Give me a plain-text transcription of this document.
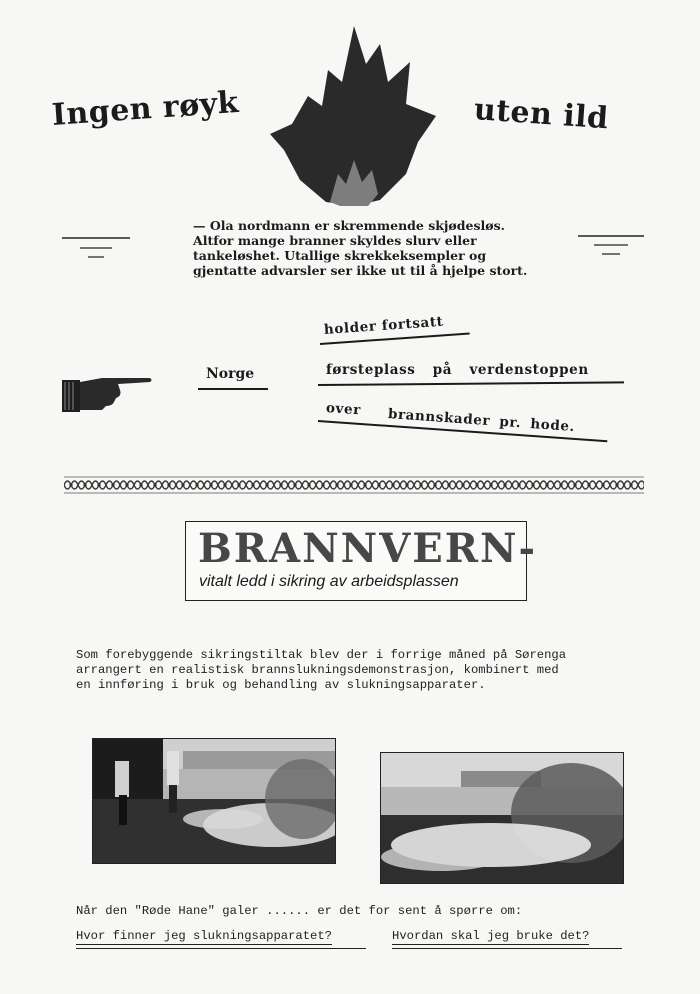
Ingen røyk	uten ild
— Ola nordmann er skremmende skjødesløs. Altfor mange branner skyldes slurv eller tankeløshet. Utallige skrekkeksempler og gjentatte advarsler ser ikke ut til å hjelpe stort.
Norge
holder fortsatt
førsteplass på verdenstoppen
over brannskader pr. hode.
BRANNVERN-
vitalt ledd i sikring av arbeidsplassen
Som forebyggende sikringstiltak blev der i forrige måned på Sørenga
arrangert en realistisk brannslukningsdemonstrasjon, kombinert med
en innføring i bruk og behandling av slukningsapparater.
Når den "Røde Hane" galer ...... er det for sent å spørre om:
Hvor finner jeg slukningsapparatet?	Hvordan skal jeg bruke det?
